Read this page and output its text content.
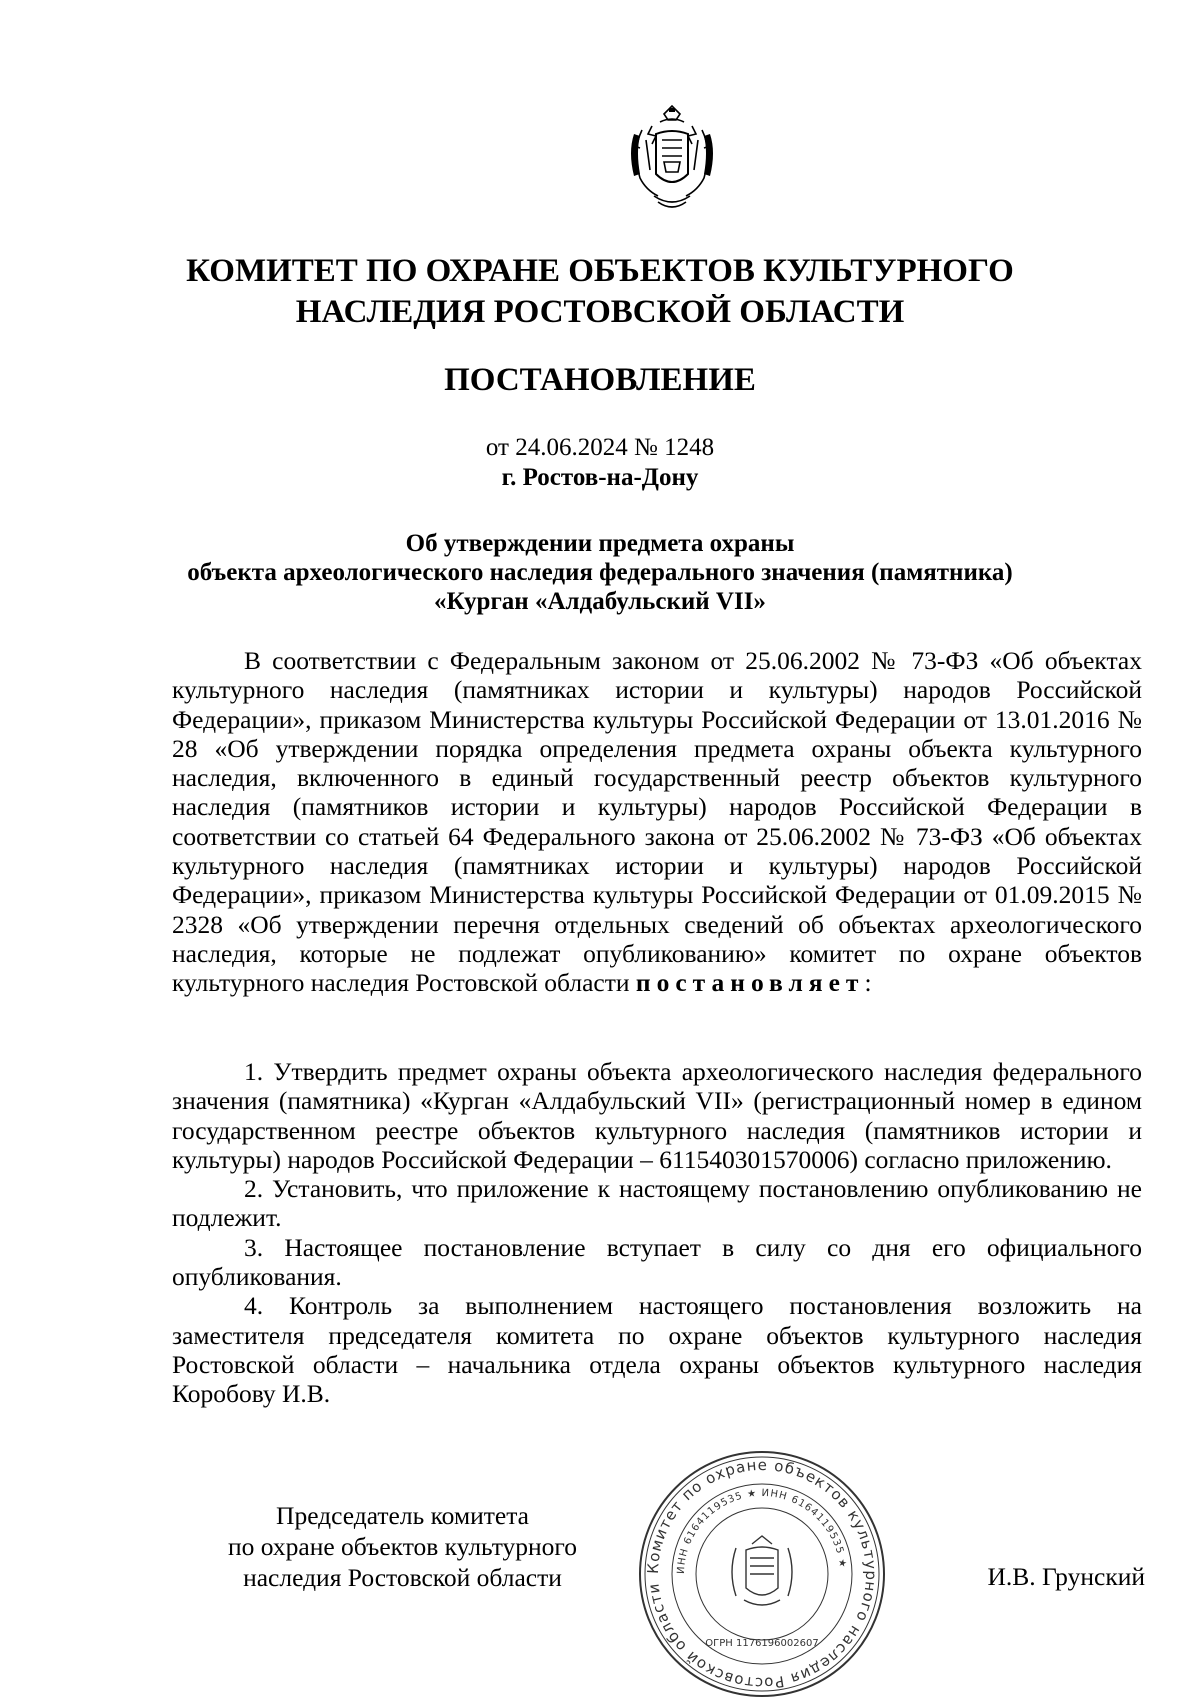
КОМИТЕТ ПО ОХРАНЕ ОБЪЕКТОВ КУЛЬТУРНОГО
НАСЛЕДИЯ РОСТОВСКОЙ ОБЛАСТИ
ПОСТАНОВЛЕНИЕ
от 24.06.2024 № 1248
г. Ростов-на-Дону
Об утверждении предмета охраны
объекта археологического наследия федерального значения (памятника)
«Курган «Алдабульский VII»

В соответствии с Федеральным законом от 25.06.2002 № 73-ФЗ «Об объектах культурного наследия (памятниках истории и культуры) народов Российской Федерации», приказом Министерства культуры Российской Федерации от 13.01.2016 № 28 «Об утверждении порядка определения предмета охраны объекта культурного наследия, включенного в единый государственный реестр объектов культурного наследия (памятников истории и культуры) народов Российской Федерации в соответствии со статьей 64 Федерального закона от 25.06.2002 № 73-ФЗ «Об объектах культурного наследия (памятниках истории и культуры) народов Российской Федерации», приказом Министерства культуры Российской Федерации от 01.09.2015 № 2328 «Об утверждении перечня отдельных сведений об объектах археологического наследия, которые не подлежат опубликованию» комитет по охране объектов культурного наследия Ростовской области постановляет:

1. Утвердить предмет охраны объекта археологического наследия федерального значения (памятника) «Курган «Алдабульский VII» (регистрационный номер в едином государственном реестре объектов культурного наследия (памятников истории и культуры) народов Российской Федерации – 611540301570006) согласно приложению.

2. Установить, что приложение к настоящему постановлению опубликованию не подлежит.

3. Настоящее постановление вступает в силу со дня его официального опубликования.

4. Контроль за выполнением настоящего постановления возложить на заместителя председателя комитета по охране объектов культурного наследия Ростовской области – начальника отдела охраны объектов культурного наследия Коробову И.В.

Председатель комитета
по охране объектов культурного
наследия Ростовской области	Комитет по охране объектов культурного наследия Ростовской области
ИНН 6164119535 ★ ИНН 6164119535 ★
ОГРН 1176196002607
И.В. Грунский
